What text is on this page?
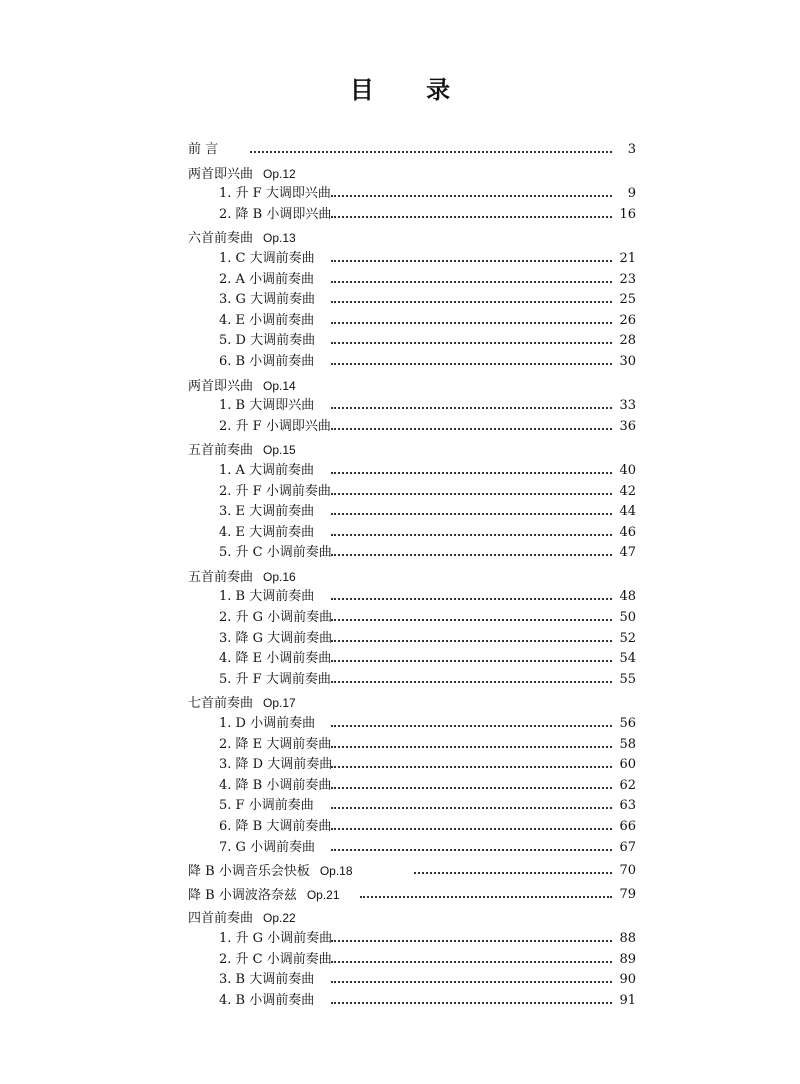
目 录
前 言	3
两首即兴曲 Op.12
1. 升 F 大调即兴曲	9
2. 降 B 小调即兴曲	16
六首前奏曲 Op.13
1. C 大调前奏曲	21
2. A 小调前奏曲	23
3. G 大调前奏曲	25
4. E 小调前奏曲	26
5. D 大调前奏曲	28
6. B 小调前奏曲	30
两首即兴曲 Op.14
1. B 大调即兴曲	33
2. 升 F 小调即兴曲	36
五首前奏曲 Op.15
1. A 大调前奏曲	40
2. 升 F 小调前奏曲	42
3. E 大调前奏曲	44
4. E 大调前奏曲	46
5. 升 C 小调前奏曲	47
五首前奏曲 Op.16
1. B 大调前奏曲	48
2. 升 G 小调前奏曲	50
3. 降 G 大调前奏曲	52
4. 降 E 小调前奏曲	54
5. 升 F 大调前奏曲	55
七首前奏曲 Op.17
1. D 小调前奏曲	56
2. 降 E 大调前奏曲	58
3. 降 D 大调前奏曲	60
4. 降 B 小调前奏曲	62
5. F 小调前奏曲	63
6. 降 B 大调前奏曲	66
7. G 小调前奏曲	67
降 B 小调音乐会快板 Op.18	70
降 B 小调波洛奈兹 Op.21	79
四首前奏曲 Op.22
1. 升 G 小调前奏曲	88
2. 升 C 小调前奏曲	89
3. B 大调前奏曲	90
4. B 小调前奏曲	91
